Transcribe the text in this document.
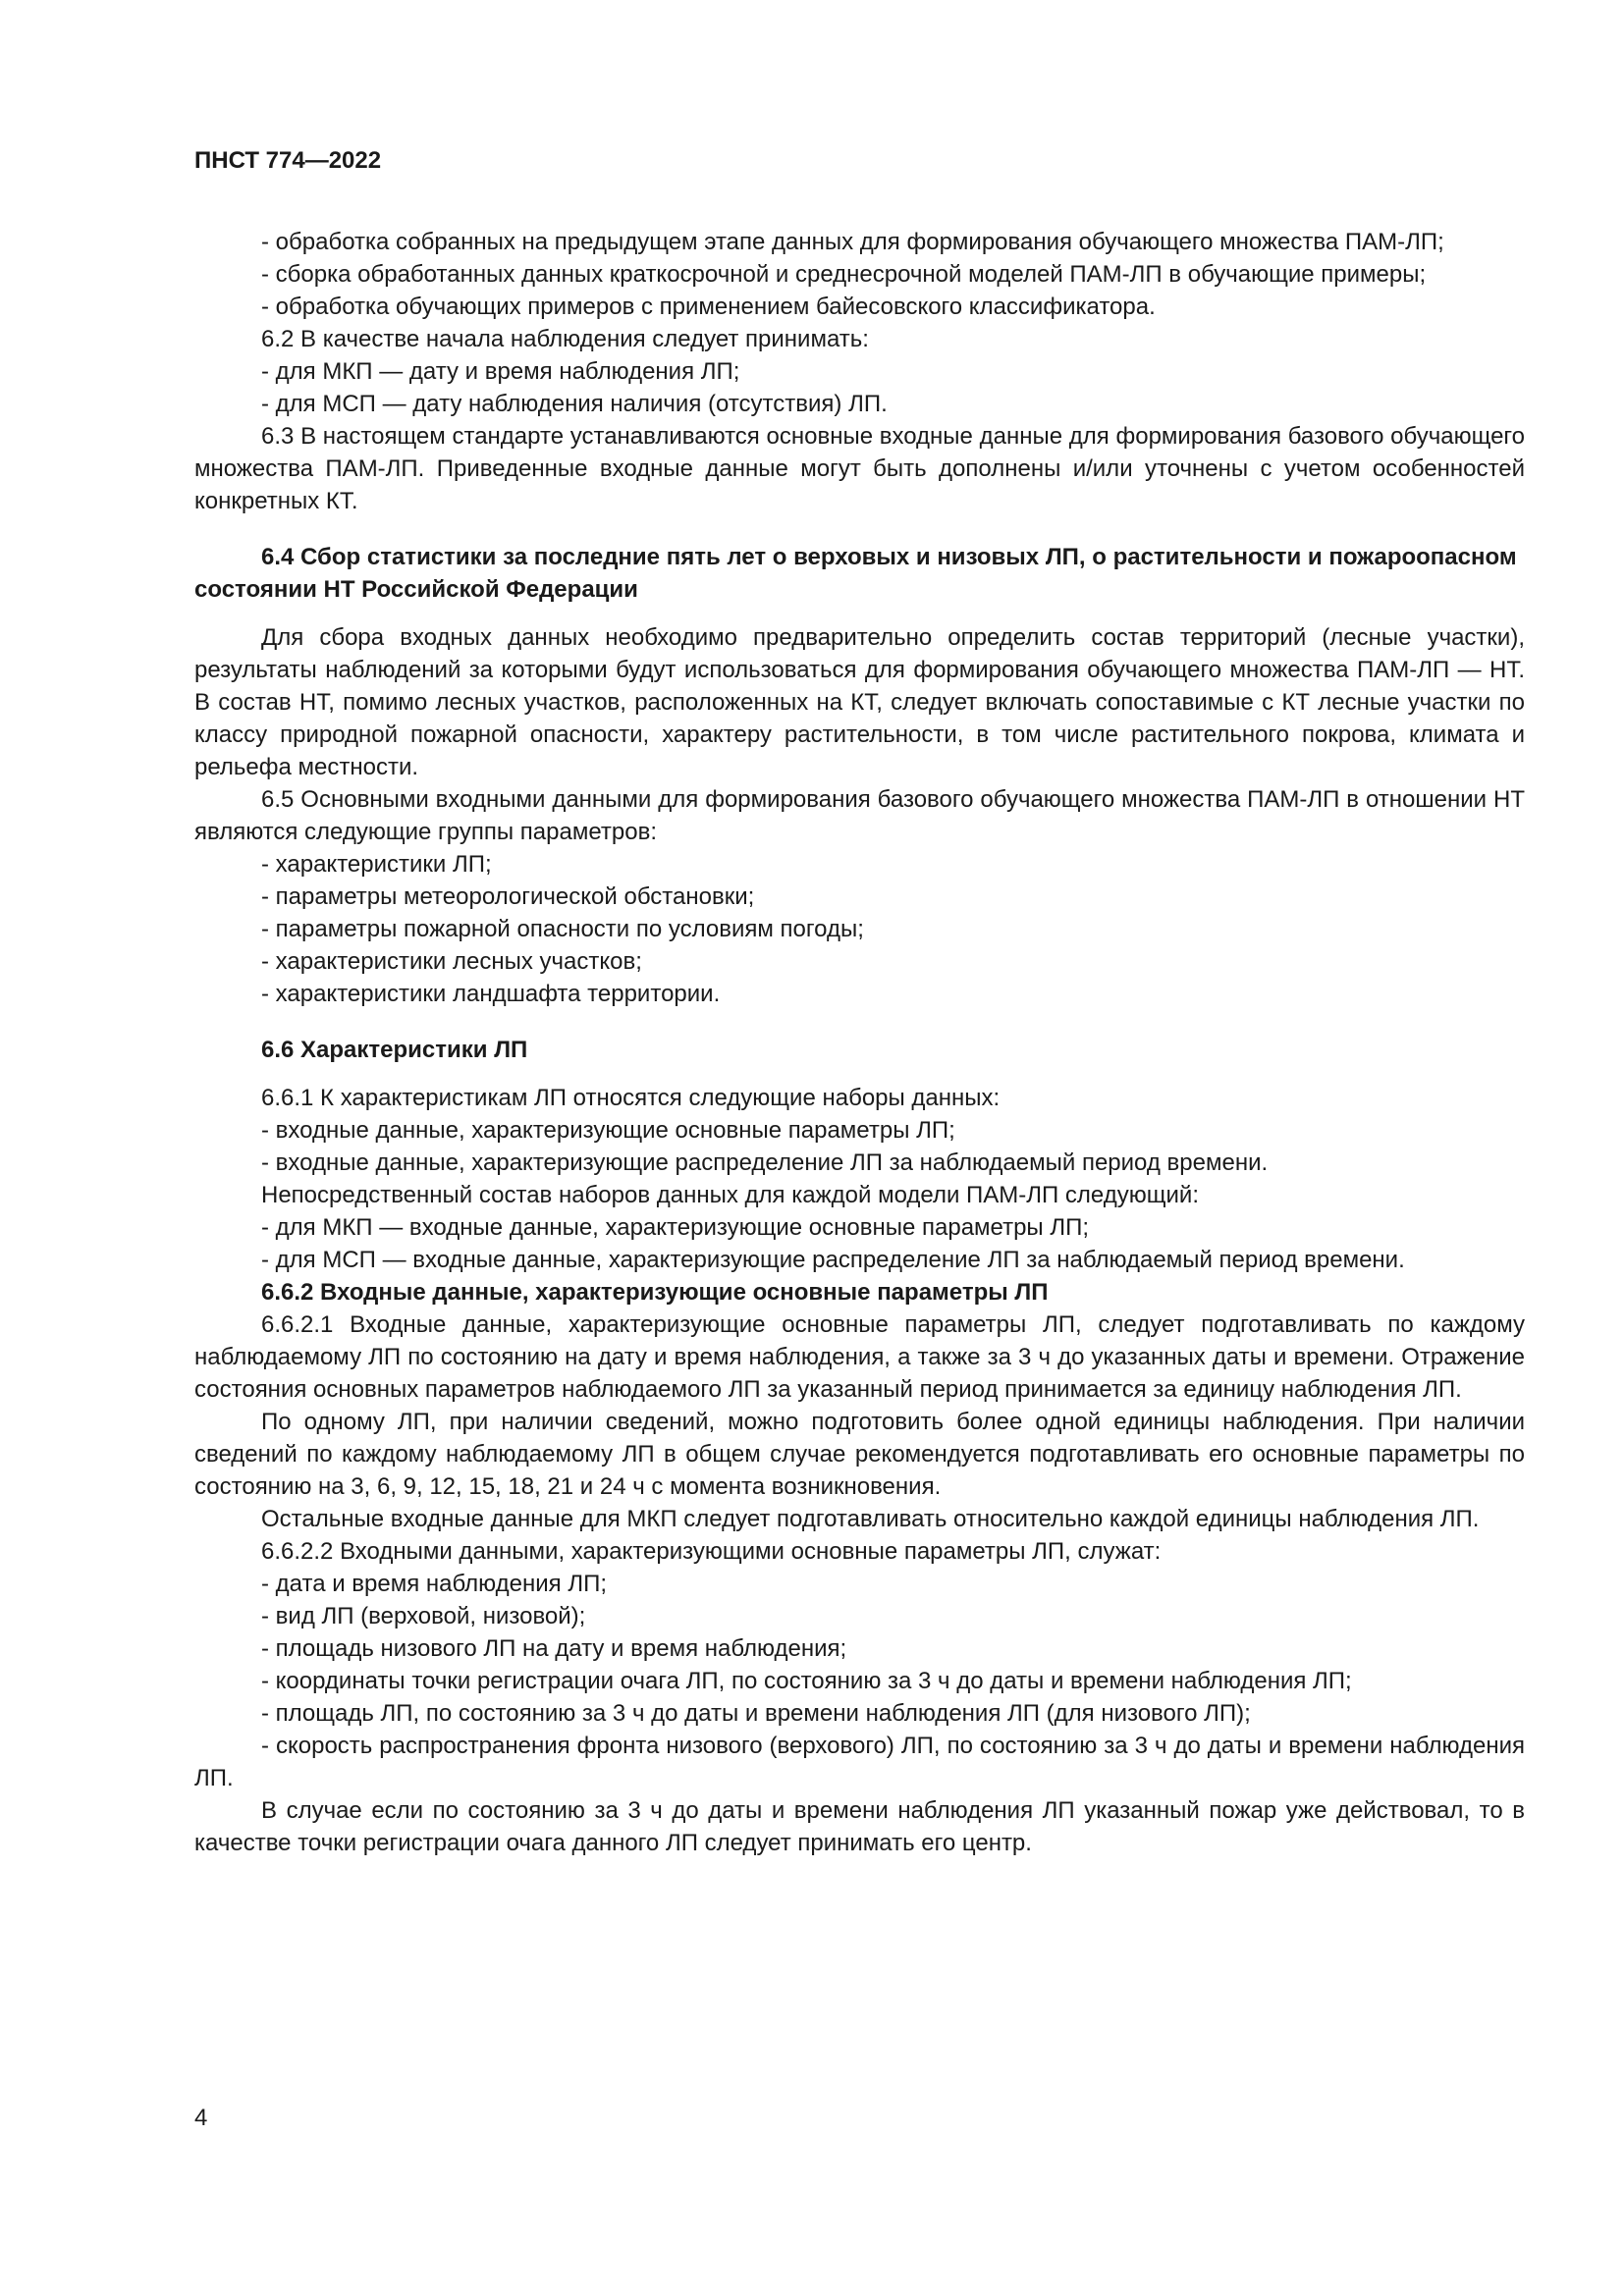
ПНСТ 774—2022

- обработка собранных на предыдущем этапе данных для формирования обучающего множества ПАМ-ЛП;

- сборка обработанных данных краткосрочной и среднесрочной моделей ПАМ-ЛП в обучающие примеры;

- обработка обучающих примеров с применением байесовского классификатора.

6.2 В качестве начала наблюдения следует принимать:

- для МКП — дату и время наблюдения ЛП;

- для МСП — дату наблюдения наличия (отсутствия) ЛП.

6.3 В настоящем стандарте устанавливаются основные входные данные для формирования базового обучающего множества ПАМ-ЛП. Приведенные входные данные могут быть дополнены и/или уточнены с учетом особенностей конкретных КТ.

6.4 Сбор статистики за последние пять лет о верховых и низовых ЛП, о растительности и пожароопасном состоянии НТ Российской Федерации

Для сбора входных данных необходимо предварительно определить состав территорий (лесные участки), результаты наблюдений за которыми будут использоваться для формирования обучающего множества ПАМ-ЛП — НТ. В состав НТ, помимо лесных участков, расположенных на КТ, следует включать сопоставимые с КТ лесные участки по классу природной пожарной опасности, характеру растительности, в том числе растительного покрова, климата и рельефа местности.

6.5 Основными входными данными для формирования базового обучающего множества ПАМ-ЛП в отношении НТ являются следующие группы параметров:

- характеристики ЛП;

- параметры метеорологической обстановки;

- параметры пожарной опасности по условиям погоды;

- характеристики лесных участков;

- характеристики ландшафта территории.

6.6 Характеристики ЛП

6.6.1 К характеристикам ЛП относятся следующие наборы данных:

- входные данные, характеризующие основные параметры ЛП;

- входные данные, характеризующие распределение ЛП за наблюдаемый период времени.

Непосредственный состав наборов данных для каждой модели ПАМ-ЛП следующий:

- для МКП — входные данные, характеризующие основные параметры ЛП;

- для МСП — входные данные, характеризующие распределение ЛП за наблюдаемый период времени.

6.6.2 Входные данные, характеризующие основные параметры ЛП

6.6.2.1 Входные данные, характеризующие основные параметры ЛП, следует подготавливать по каждому наблюдаемому ЛП по состоянию на дату и время наблюдения, а также за 3 ч до указанных даты и времени. Отражение состояния основных параметров наблюдаемого ЛП за указанный период принимается за единицу наблюдения ЛП.

По одному ЛП, при наличии сведений, можно подготовить более одной единицы наблюдения. При наличии сведений по каждому наблюдаемому ЛП в общем случае рекомендуется подготавливать его основные параметры по состоянию на 3, 6, 9, 12, 15, 18, 21 и 24 ч с момента возникновения.

Остальные входные данные для МКП следует подготавливать относительно каждой единицы наблюдения ЛП.

6.6.2.2 Входными данными, характеризующими основные параметры ЛП, служат:

- дата и время наблюдения ЛП;

- вид ЛП (верховой, низовой);

- площадь низового ЛП на дату и время наблюдения;

- координаты точки регистрации очага ЛП, по состоянию за 3 ч до даты и времени наблюдения ЛП;

- площадь ЛП, по состоянию за 3 ч до даты и времени наблюдения ЛП (для низового ЛП);

- скорость распространения фронта низового (верхового) ЛП, по состоянию за 3 ч до даты и времени наблюдения ЛП.

В случае если по состоянию за 3 ч до даты и времени наблюдения ЛП указанный пожар уже действовал, то в качестве точки регистрации очага данного ЛП следует принимать его центр.

4
